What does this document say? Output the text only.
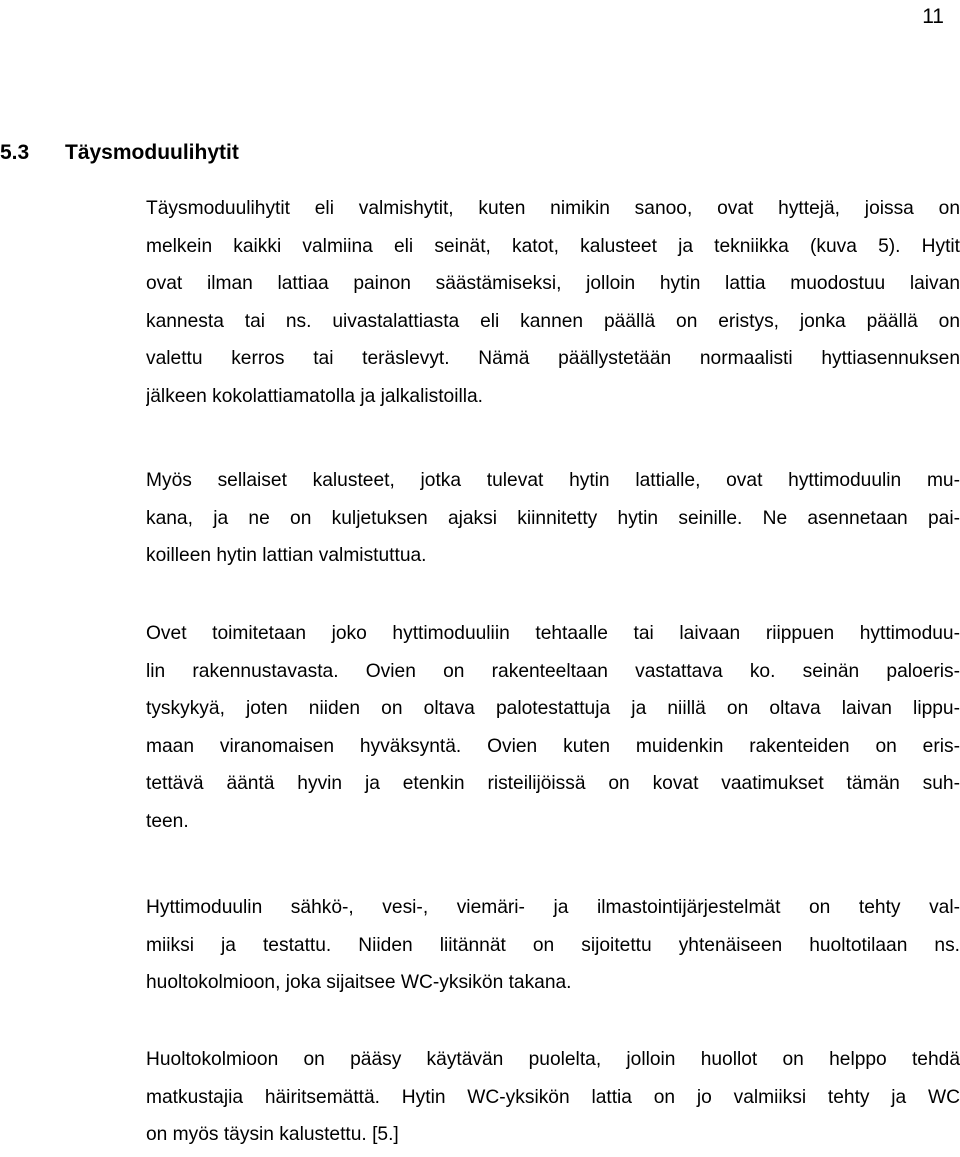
11
5.3 Täysmoduulihytit
Täysmoduulihytit eli valmishytit, kuten nimikin sanoo, ovat hyttejä, joissa on
melkein kaikki valmiina eli seinät, katot, kalusteet ja tekniikka (kuva 5). Hytit
ovat ilman lattiaa painon säästämiseksi, jolloin hytin lattia muodostuu laivan
kannesta tai ns. uivastalattiasta eli kannen päällä on eristys, jonka päällä on
valettu kerros tai teräslevyt. Nämä päällystetään normaalisti hyttiasennuksen
jälkeen kokolattiamatolla ja jalkalistoilla.
Myös sellaiset kalusteet, jotka tulevat hytin lattialle, ovat hyttimoduulin mu-
kana, ja ne on kuljetuksen ajaksi kiinnitetty hytin seinille. Ne asennetaan pai-
koilleen hytin lattian valmistuttua.
Ovet toimitetaan joko hyttimoduuliin tehtaalle tai laivaan riippuen hyttimoduu-
lin rakennustavasta. Ovien on rakenteeltaan vastattava ko. seinän paloeris-
tyskykyä, joten niiden on oltava palotestattuja ja niillä on oltava laivan lippu-
maan viranomaisen hyväksyntä. Ovien kuten muidenkin rakenteiden on eris-
tettävä ääntä hyvin ja etenkin risteilijöissä on kovat vaatimukset tämän suh-
teen.
Hyttimoduulin sähkö-, vesi-, viemäri- ja ilmastointijärjestelmät on tehty val-
miiksi ja testattu. Niiden liitännät on sijoitettu yhtenäiseen huoltotilaan ns.
huoltokolmioon, joka sijaitsee WC-yksikön takana.
Huoltokolmioon on pääsy käytävän puolelta, jolloin huollot on helppo tehdä
matkustajia häiritsemättä. Hytin WC-yksikön lattia on jo valmiiksi tehty ja WC
on myös täysin kalustettu. [5.]
